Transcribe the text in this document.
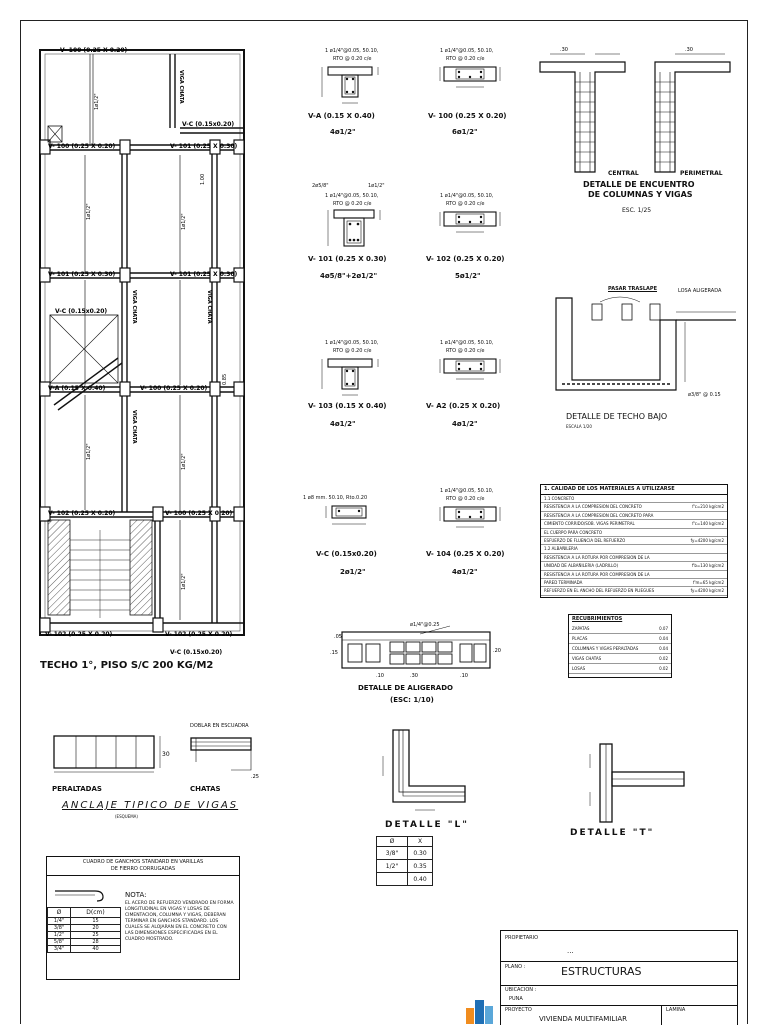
V- 100 (0.25 X 0.20)
V-C (0.15x0.20)
V- 100 (0.25 X 0.20)	V- 101 (0.25 X 0.30)
V- 101 (0.25 X 0.30)	V- 101 (0.25 X 0.30)
V-C (0.15x0.20)
V-A (0.15 X 0.40)	V- 100 (0.25 X 0.20)
V- 102 (0.25 X 0.20)	V- 100 (0.25 X 0.20)
V- 102 (0.25 X 0.20)	V- 102 (0.25 X 0.20)
V-C (0.15x0.20)
VIGA CHATA
VIGA CHATA
VIGA CHATA
VIGA CHATA
1ø1/2"
1ø1/2"
1ø1/2"
1ø1/2"
1ø1/2"
1ø1/2"
0.85
1.00
TECHO 1°, PISO S/C 200 KG/M2
1 ø1/4"@0.05, 50.10,
RTO @ 0.20 c/e
V-A (0.15 X 0.40)
4ø1/2"
1 ø1/4"@0.05, 50.10,
RTO @ 0.20 c/e
V- 100 (0.25 X 0.20)
6ø1/2"
2ø5/8"	1ø1/2"
1 ø1/4"@0.05, 50.10,
RTO @ 0.20 c/e
V- 101 (0.25 X 0.30)
4ø5/8"+2ø1/2"
1 ø1/4"@0.05, 50.10,
RTO @ 0.20 c/e
V- 102 (0.25 X 0.20)
5ø1/2"
1 ø1/4"@0.05, 50.10,
RTO @ 0.20 c/e
V- 103 (0.15 X 0.40)
4ø1/2"
1 ø1/4"@0.05, 50.10,
RTO @ 0.20 c/e
V- A2 (0.25 X 0.20)
4ø1/2"
1 ø8 mm. 50.10, Rto.0.20
V-C (0.15x0.20)
2ø1/2"
1 ø1/4"@0.05, 50.10,
RTO @ 0.20 c/e
V- 104 (0.25 X 0.20)
4ø1/2"
.30	.30
CENTRAL	PERIMETRAL
DETALLE DE ENCUENTRO
DE COLUMNAS Y VIGAS
ESC. 1/25
PASAR TRASLAPE	LOSA ALIGERADA
ø3/8" @ 0.15
DETALLE DE TECHO BAJO
ESCALA 1/20
1. CALIDAD DE LOS MATERIALES A UTILIZARSE
1.1 CONCRETO
RESISTENCIA A LA COMPRESION DEL CONCRETO	f'c=210 kg/cm2
RESISTENCIA A LA COMPRESION DEL CONCRETO PARA
CIMIENTO CORRIDO/SOB. VIGAS PERIMETRAL	f'c=140 kg/cm2
EL CUERPO PARA CONCRETO
ESFUERZO DE FLUENCIA DEL REFUERZO	fy=4200 kg/cm2
1.2 ALBAÑILERIA
RESISTENCIA A LA ROTURA POR COMPRESION DE LA
UNIDAD DE ALBAÑILERIA (LADRILLO)	f'b=130 kg/cm2
RESISTENCIA A LA ROTURA POR COMPRESION DE LA
PARED TERMINADA	f'm=65 kg/cm2
REFUERZO EN EL ANCHO DEL REFUERZO EN PLIEGUES	fy=4200 kg/cm2
RECUBRIMIENTOS
ZAPATAS	0.07
PLACAS	0.04
COLUMNAS Y VIGAS PERALTADAS	0.04
VIGAS CHATAS	0.02
LOSAS	0.02
.05
.15	.20
.30
.10	.10
ø1/4"@0.25
DETALLE DE ALIGERADO
(ESC: 1/10)
DOBLAR EN ESCUADRA
30
.25
PERALTADAS	CHATAS
ANCLAJE TIPICO DE VIGAS
(ESQUEMA)
DETALLE "L"
Ø	X
3/8"	0.30
1/2"	0.35
	0.40
DETALLE "T"
CUADRO DE GANCHOS STANDARD EN VARILLAS
DE FIERRO CORRUGADAS
Ø	D(cm)
1/4"	15
3/8"	20
1/2"	25
5/8"	28
3/4"	40
NOTA:
EL ACERO DE REFUERZO VENDRADO EN FORMA LONGITUDINAL EN VIGAS Y LOSAS DE CIMENTACION, COLUMNA Y VIGAS, DEBERAN TERMINAR EN GANCHOS STANDARD. LOS CUALES SE ALOJARAN EN EL CONCRETO CON LAS DIMENSIONES ESPECIFICADAS EN EL CUADRO MOSTRADO.	PROPIETARIO
...
PLANO :	ESTRUCTURAS
UBICACION :
PUNA
PROYECTO
VIVIENDA MULTIFAMILIAR
LAMINA
